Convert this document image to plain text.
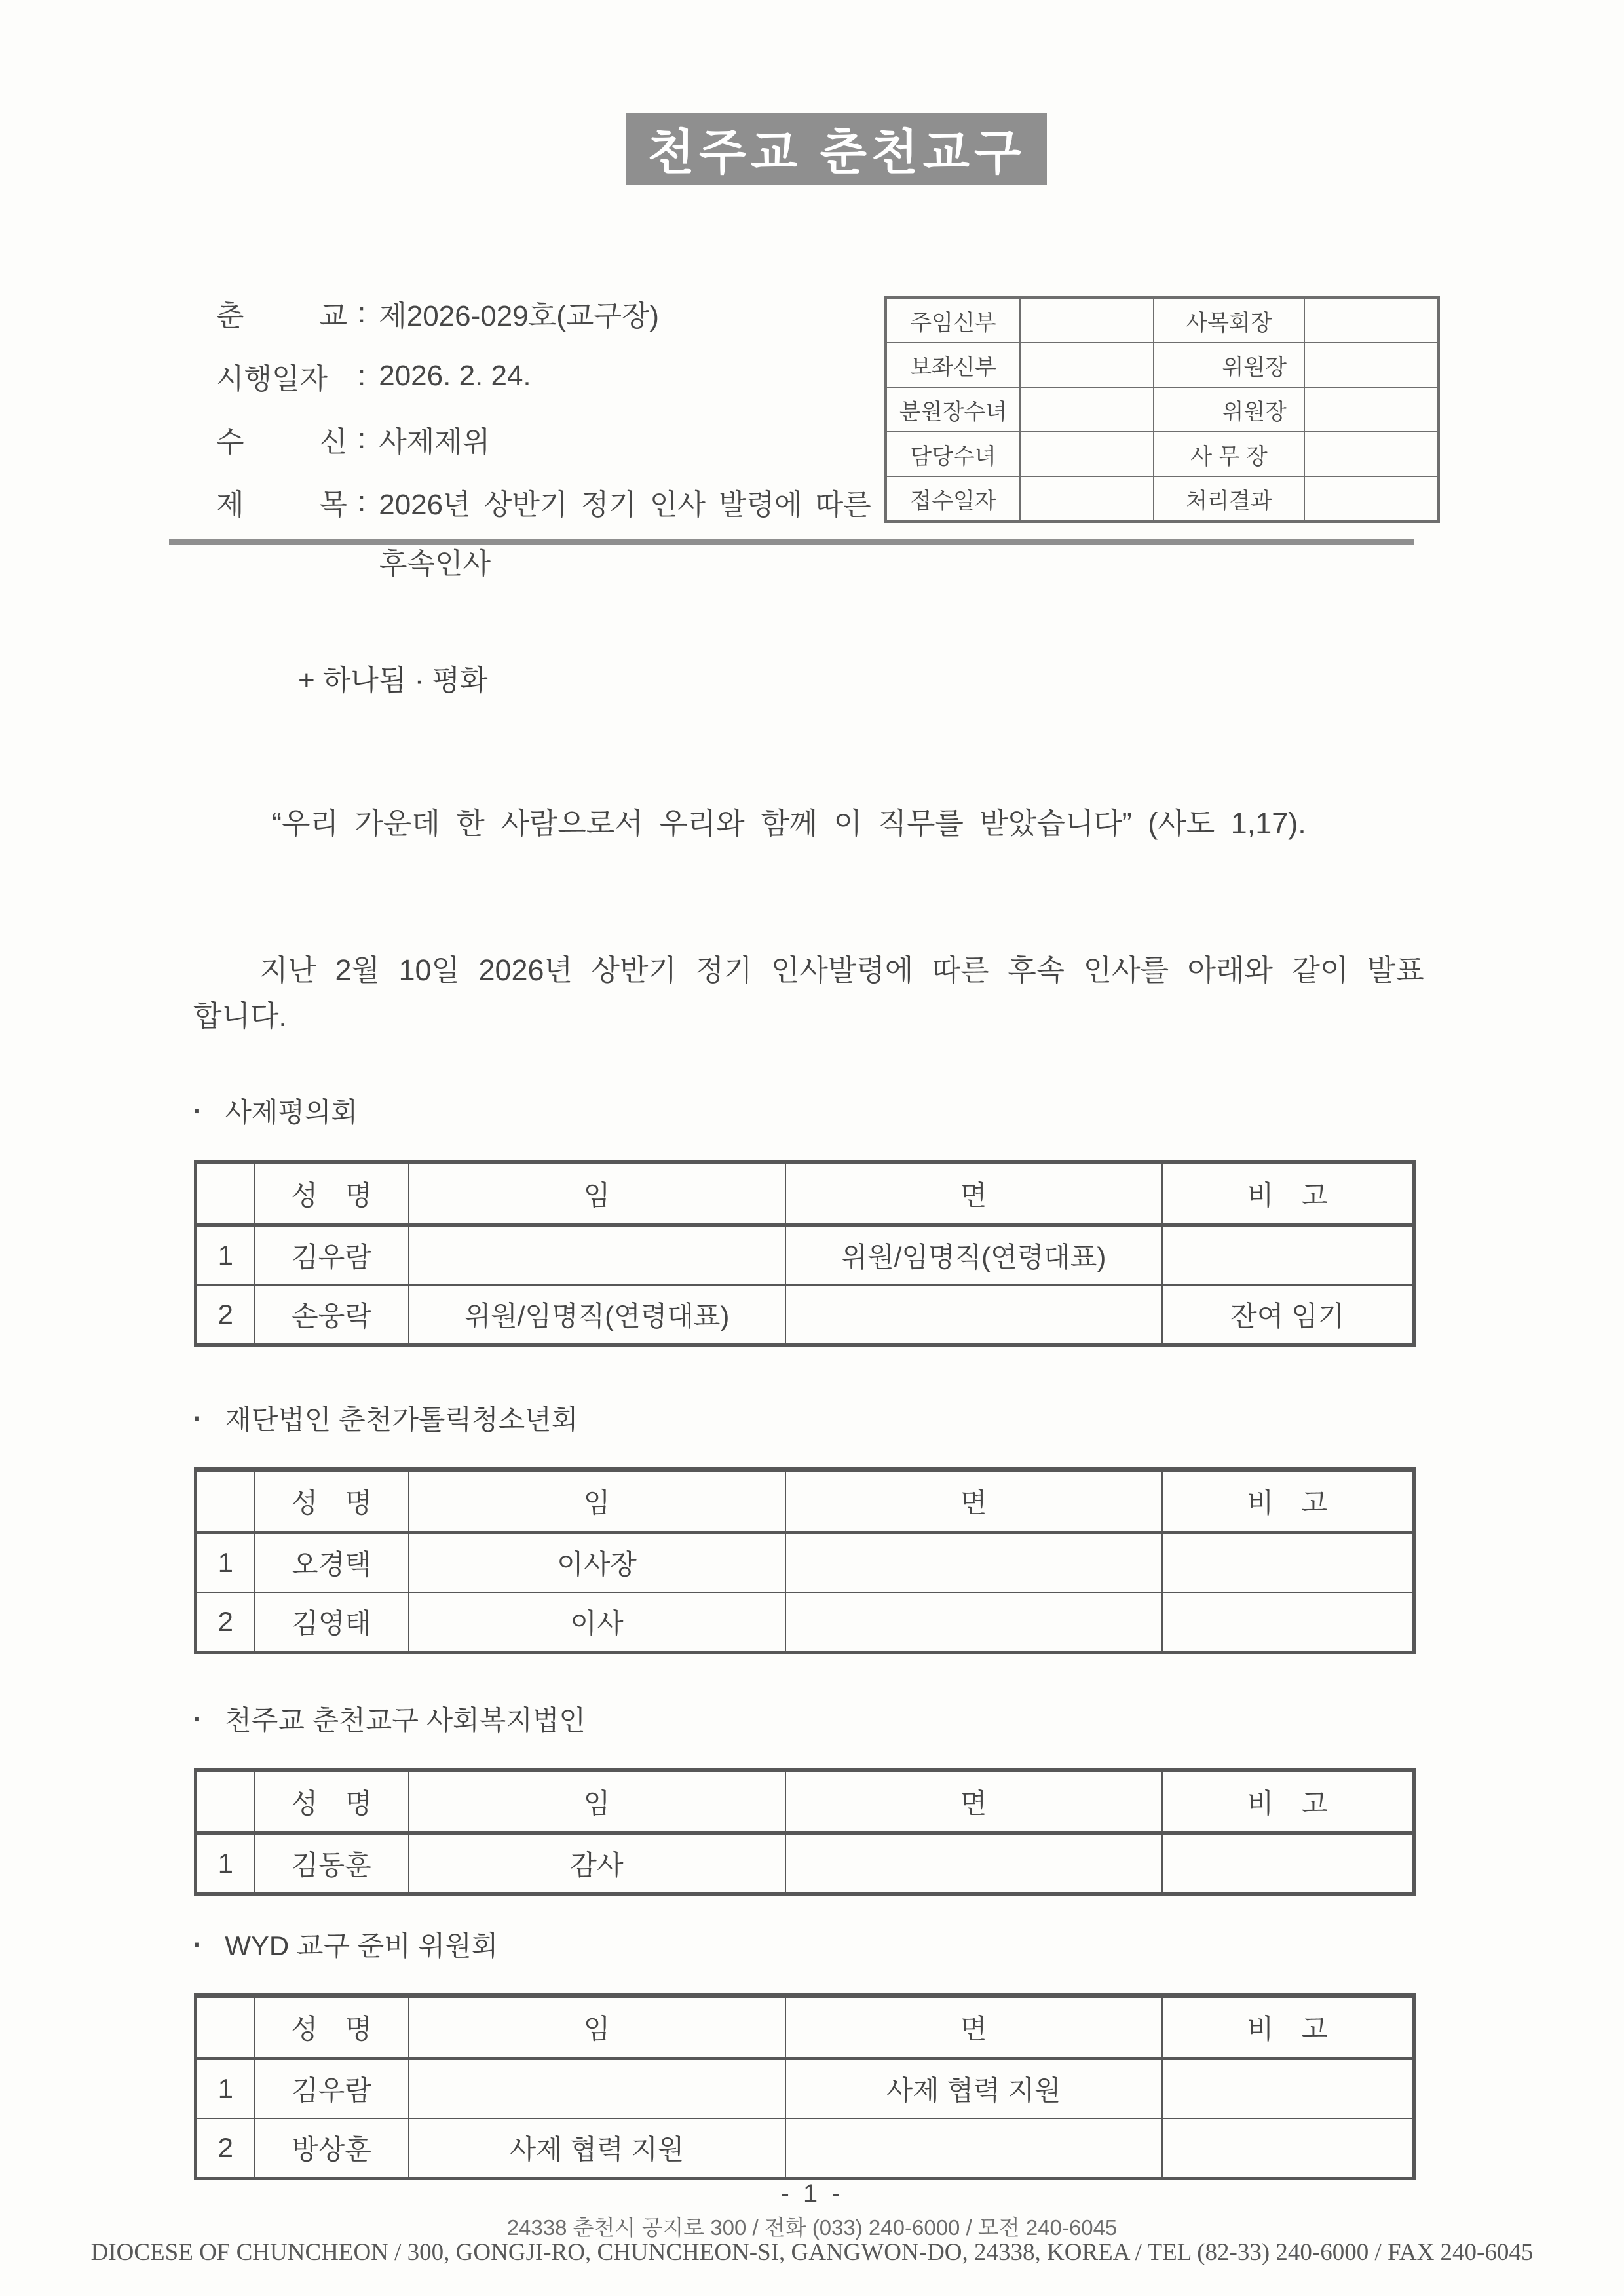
천주교 춘천교구
춘	교 : 제2026-029호(교구장)
시행일자 : 2026. 2. 24.
수	신 : 사제제위
제	목 : 2026년 상반기 정기 인사 발령에 따른
후속인사
주임신부		사목회장	
보좌신부		위원장	
분원장수녀		위원장	
담당수녀		사 무 장	
접수일자		처리결과	
+ 하나됨 · 평화
“우리 가운데 한 사람으로서 우리와 함께 이 직무를 받았습니다” (사도 1,17).
지난 2월 10일 2026년 상반기 정기 인사발령에 따른 후속 인사를 아래와 같이 발표
합니다.
▪ 사제평의회
	성　명	임	면	비　고
1	김우람		위원/임명직(연령대표)	
2	손웅락	위원/임명직(연령대표)		잔여 임기
▪ 재단법인 춘천가톨릭청소년회
	성　명	임	면	비　고
1	오경택	이사장		
2	김영태	이사		
▪ 천주교 춘천교구 사회복지법인
	성　명	임	면	비　고
1	김동훈	감사		
▪ WYD 교구 준비 위원회
	성　명	임	면	비　고
1	김우람		사제 협력 지원	
2	방상훈	사제 협력 지원		
- 1 -
24338 춘천시 공지로 300 / 전화 (033) 240-6000 / 모전 240-6045
DIOCESE OF CHUNCHEON / 300, GONGJI-RO, CHUNCHEON-SI, GANGWON-DO, 24338, KOREA / TEL (82-33) 240-6000 / FAX 240-6045
